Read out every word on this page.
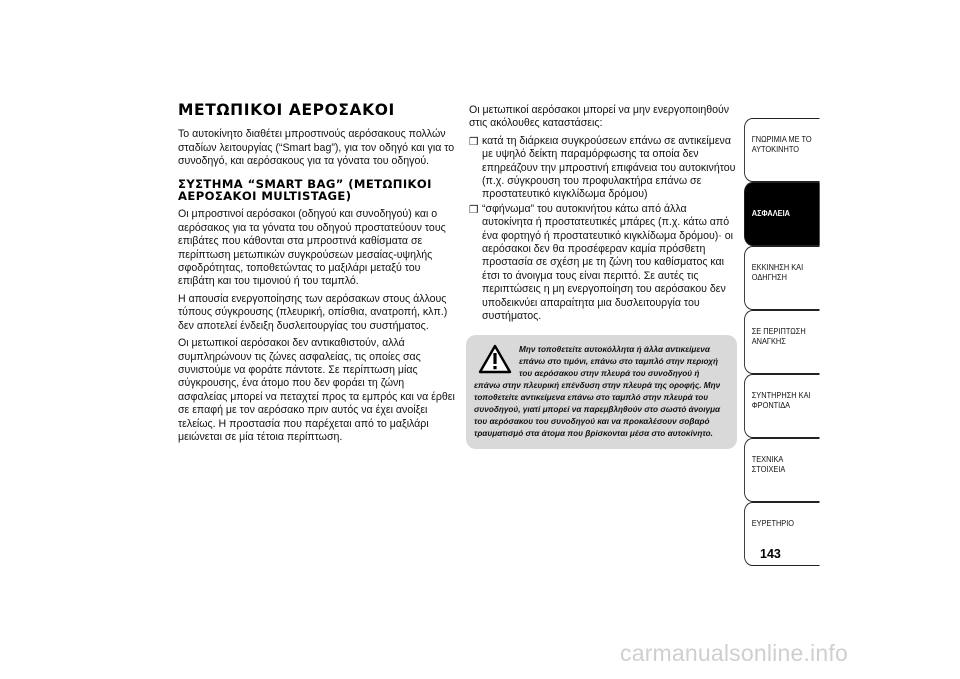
ΜΕΤΩΠΙΚΟΙ ΑΕΡΟΣΑΚΟΙ

Το αυτοκίνητο διαθέτει μπροστινούς αερόσακους πολλών σταδίων λειτουργίας (“Smart bag”), για τον οδηγό και για το συνοδηγό, και αερόσακους για τα γόνατα του οδηγού.

ΣΥΣΤΗΜΑ “SMART BAG” (ΜΕΤΩΠΙΚΟΙ ΑΕΡΟΣΑΚΟΙ MULTISTAGE)

Οι μπροστινοί αερόσακοι (οδηγού και συνοδηγού) και ο αερόσακος για τα γόνατα του οδηγού προστατεύουν τους επιβάτες που κάθονται στα μπροστινά καθίσματα σε περίπτωση μετωπικών συγκρούσεων μεσαίας-υψηλής σφοδρότητας, τοποθετώντας το μαξιλάρι μεταξύ του επιβάτη και του τιμονιού ή του ταμπλό.

Η απουσία ενεργοποίησης των αερόσακων στους άλλους τύπους σύγκρουσης (πλευρική, οπίσθια, ανατροπή, κλπ.) δεν αποτελεί ένδειξη δυσλειτουργίας του συστήματος.

Οι μετωπικοί αερόσακοι δεν αντικαθιστούν, αλλά συμπληρώνουν τις ζώνες ασφαλείας, τις οποίες σας συνιστούμε να φοράτε πάντοτε. Σε περίπτωση μίας σύγκρουσης, ένα άτομο που δεν φοράει τη ζώνη ασφαλείας μπορεί να πεταχτεί προς τα εμπρός και να έρθει σε επαφή με τον αερόσακο πριν αυτός να έχει ανοίξει τελείως. Η προστασία που παρέχεται από το μαξιλάρι μειώνεται σε μία τέτοια περίπτωση.

Οι μετωπικοί αερόσακοι μπορεί να μην ενεργοποιηθούν στις ακόλουθες καταστάσεις:

❒ κατά τη διάρκεια συγκρούσεων επάνω σε αντικείμενα με υψηλό δείκτη παραμόρφωσης τα οποία δεν επηρεάζουν την μπροστινή επιφάνεια του αυτοκινήτου (π.χ. σύγκρουση του προφυλακτήρα επάνω σε προστατευτικό κιγκλίδωμα δρόμου)
❒ “σφήνωμα” του αυτοκινήτου κάτω από άλλα αυτοκίνητα ή προστατευτικές μπάρες (π.χ. κάτω από ένα φορτηγό ή προστατευτικό κιγκλίδωμα δρόμου)· οι αερόσακοι δεν θα προσέφεραν καμία πρόσθετη προστασία σε σχέση με τη ζώνη του καθίσματος και έτσι το άνοιγμα τους είναι περιττό. Σε αυτές τις περιπτώσεις η μη ενεργοποίηση του αερόσακου δεν υποδεικνύει απαραίτητα μια δυσλειτουργία του συστήματος.
Μην τοποθετείτε αυτοκόλλητα ή άλλα αντικείμενα επάνω στο τιμόνι, επάνω στο ταμπλό στην περιοχή του αερόσακου στην πλευρά του συνοδηγού ή επάνω στην πλευρική επένδυση στην πλευρά της οροφής. Μην τοποθετείτε αντικείμενα επάνω στο ταμπλό στην πλευρά του συνοδηγού, γιατί μπορεί να παρεμβληθούν στο σωστό άνοιγμα του αερόσακου του συνοδηγού και να προκαλέσουν σοβαρό τραυματισμό στα άτομα που βρίσκονται μέσα στο αυτοκίνητο.
ΓΝΩΡΙΜΙΑ ΜΕ ΤΟ ΑΥΤΟΚΙΝΗΤΟ
ΑΣΦΑΛΕΙΑ
ΕΚΚΙΝΗΣΗ ΚΑΙ ΟΔΗΓΗΣΗ
ΣΕ ΠΕΡΙΠΤΩΣΗ ΑΝΑΓΚΗΣ
ΣΥΝΤΗΡΗΣΗ ΚΑΙ ΦΡΟΝΤΙΔΑ
ΤΕΧΝΙΚΑ ΣΤΟΙΧΕΙΑ
ΕΥΡΕΤΗΡΙΟ
143
carmanualsonline.info
